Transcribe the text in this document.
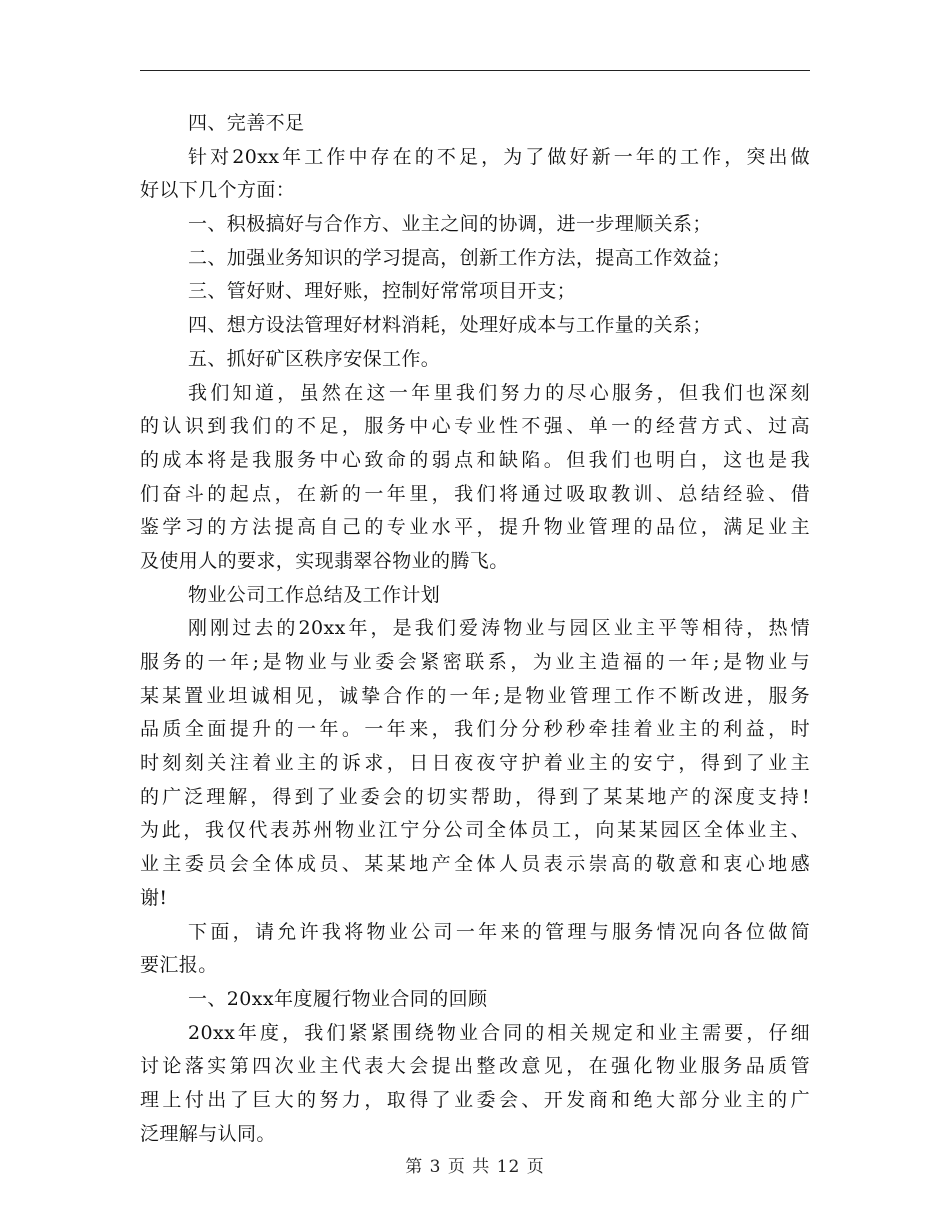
四、完善不足
针对20xx年工作中存在的不足，为了做好新一年的工作，突出做
好以下几个方面：
一、积极搞好与合作方、业主之间的协调，进一步理顺关系；
二、加强业务知识的学习提高，创新工作方法，提高工作效益；
三、管好财、理好账，控制好常常项目开支；
四、想方设法管理好材料消耗，处理好成本与工作量的关系；
五、抓好矿区秩序安保工作。
我们知道，虽然在这一年里我们努力的尽心服务，但我们也深刻
的认识到我们的不足，服务中心专业性不强、单一的经营方式、过高
的成本将是我服务中心致命的弱点和缺陷。但我们也明白，这也是我
们奋斗的起点，在新的一年里，我们将通过吸取教训、总结经验、借
鉴学习的方法提高自己的专业水平，提升物业管理的品位，满足业主
及使用人的要求，实现翡翠谷物业的腾飞。
物业公司工作总结及工作计划
刚刚过去的20xx年，是我们爱涛物业与园区业主平等相待，热情
服务的一年;是物业与业委会紧密联系，为业主造福的一年;是物业与
某某置业坦诚相见，诚挚合作的一年;是物业管理工作不断改进，服务
品质全面提升的一年。一年来，我们分分秒秒牵挂着业主的利益，时
时刻刻关注着业主的诉求，日日夜夜守护着业主的安宁，得到了业主
的广泛理解，得到了业委会的切实帮助，得到了某某地产的深度支持!
为此，我仅代表苏州物业江宁分公司全体员工，向某某园区全体业主、
业主委员会全体成员、某某地产全体人员表示崇高的敬意和衷心地感
谢!
下面，请允许我将物业公司一年来的管理与服务情况向各位做简
要汇报。
一、20xx年度履行物业合同的回顾
20xx年度，我们紧紧围绕物业合同的相关规定和业主需要，仔细
讨论落实第四次业主代表大会提出整改意见，在强化物业服务品质管
理上付出了巨大的努力，取得了业委会、开发商和绝大部分业主的广
泛理解与认同。
第 3 页 共 12 页
